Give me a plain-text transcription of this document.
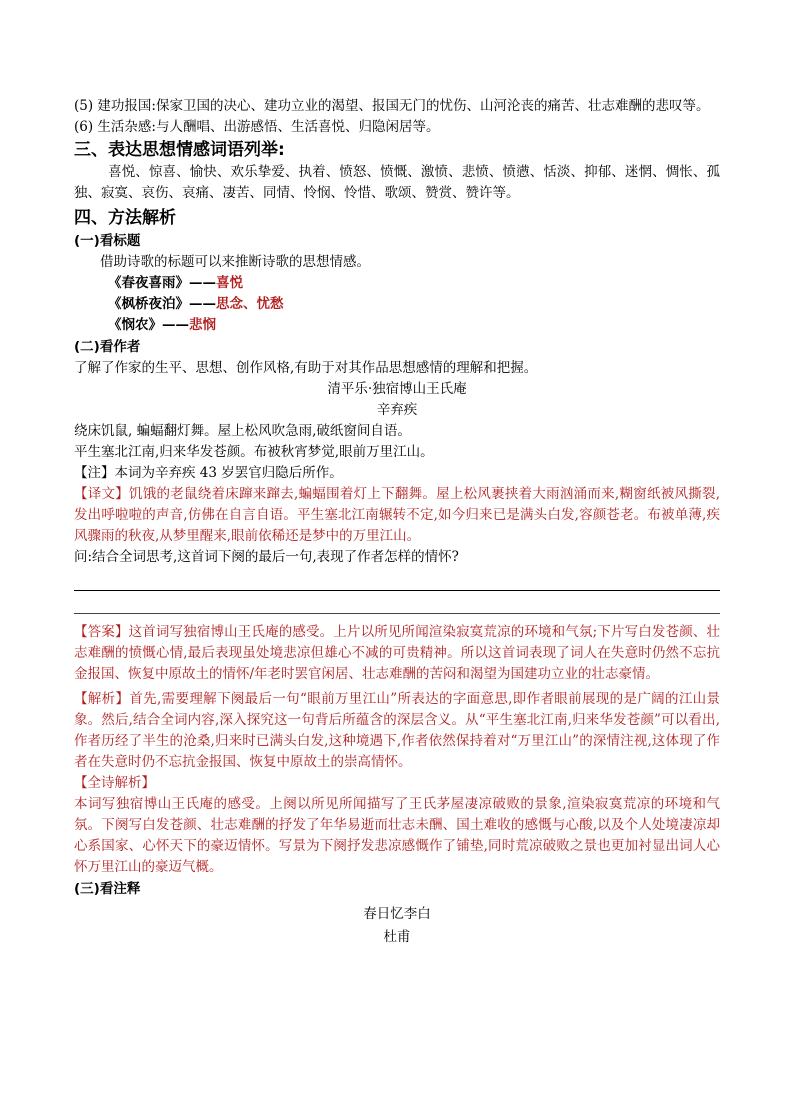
(5) 建功报国:保家卫国的决心、建功立业的渴望、报国无门的忧伤、山河沦丧的痛苦、壮志难酬的悲叹等。

(6) 生活杂感:与人酬唱、出游感悟、生活喜悦、归隐闲居等。

三、表达思想情感词语列举:

喜悦、惊喜、愉快、欢乐挚爱、执着、愤怒、愤慨、激愤、悲愤、愤懑、恬淡、抑郁、迷惘、惆怅、孤独、寂寞、哀伤、哀痛、凄苦、同情、怜悯、怜惜、歌颂、赞赏、赞许等。

四、方法解析

(一)看标题

借助诗歌的标题可以来推断诗歌的思想情感。

《春夜喜雨》——喜悦

《枫桥夜泊》——思念、忧愁

《悯农》——悲悯

(二)看作者

了解了作家的生平、思想、创作风格,有助于对其作品思想感情的理解和把握。

清平乐·独宿博山王氏庵

辛弃疾

绕床饥鼠, 蝙蝠翻灯舞。屋上松风吹急雨,破纸窗间自语。

平生塞北江南,归来华发苍颜。布被秋宵梦觉,眼前万里江山。

【注】本词为辛弃疾 43 岁罢官归隐后所作。

【译文】饥饿的老鼠绕着床蹿来蹿去,蝙蝠围着灯上下翻舞。屋上松风裹挟着大雨汹涌而来,糊窗纸被风撕裂,发出呼啦啦的声音,仿佛在自言自语。平生塞北江南辗转不定,如今归来已是满头白发,容颜苍老。布被单薄,疾风骤雨的秋夜,从梦里醒来,眼前依稀还是梦中的万里江山。

问:结合全词思考,这首词下阕的最后一句,表现了作者怎样的情怀?

【答案】这首词写独宿博山王氏庵的感受。上片以所见所闻渲染寂寞荒凉的环境和气氛;下片写白发苍颜、壮志难酬的愤慨心情,最后表现虽处境悲凉但雄心不减的可贵精神。所以这首词表现了词人在失意时仍然不忘抗金报国、恢复中原故土的情怀/年老时罢官闲居、壮志难酬的苦闷和渴望为国建功立业的壮志豪情。

【解析】首先,需要理解下阕最后一句“眼前万里江山”所表达的字面意思,即作者眼前展现的是广阔的江山景象。然后,结合全词内容,深入探究这一句背后所蕴含的深层含义。从“平生塞北江南,归来华发苍颜”可以看出,作者历经了半生的沧桑,归来时已满头白发,这种境遇下,作者依然保持着对“万里江山”的深情注视,这体现了作者在失意时仍不忘抗金报国、恢复中原故土的崇高情怀。

【全诗解析】

本词写独宿博山王氏庵的感受。上阕以所见所闻描写了王氏茅屋凄凉破败的景象,渲染寂寞荒凉的环境和气氛。下阕写白发苍颜、壮志难酬的抒发了年华易逝而壮志未酬、国土难收的感慨与心酸,以及个人处境凄凉却心系国家、心怀天下的豪迈情怀。写景为下阕抒发悲凉感慨作了铺垫,同时荒凉破败之景也更加衬显出词人心怀万里江山的豪迈气概。

(三)看注释

春日忆李白

杜甫
